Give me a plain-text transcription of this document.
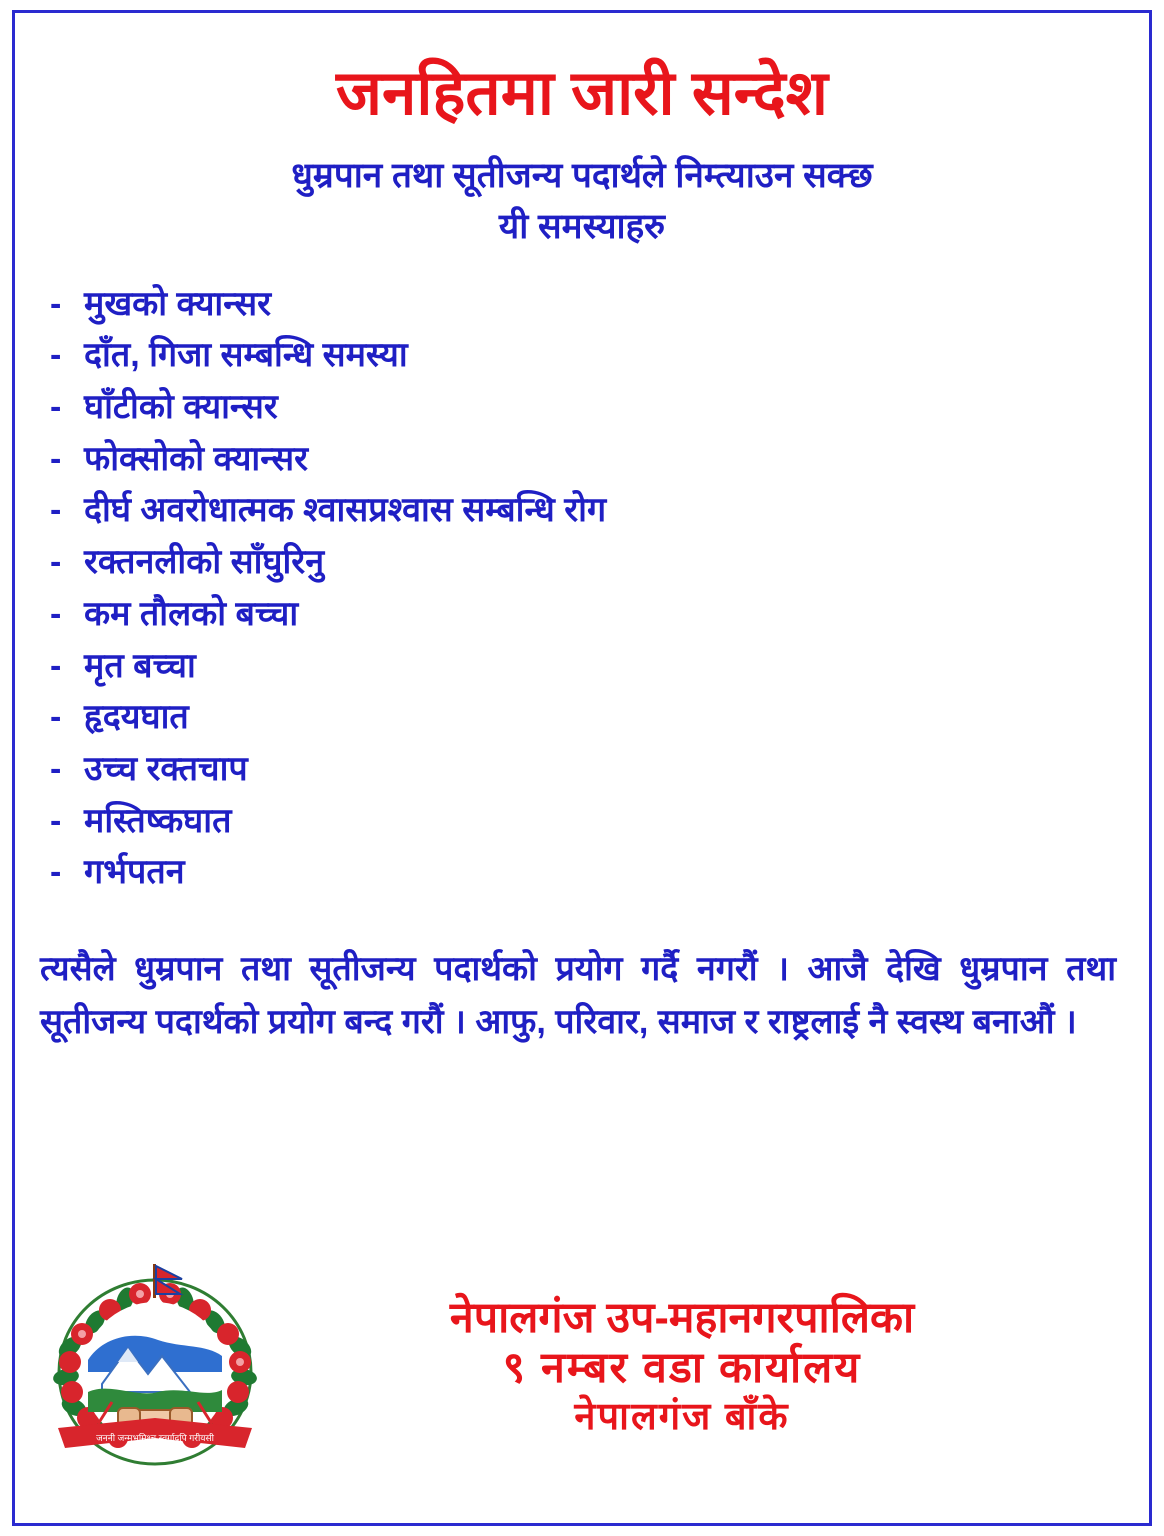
जनहितमा जारी सन्देश
धुम्रपान तथा सूतीजन्य पदार्थले निम्त्याउन सक्छ
यी समस्याहरु
- मुखको क्यान्सर
- दाँत, गिजा सम्बन्धि समस्या
- घाँटीको क्यान्सर
- फोक्सोको क्यान्सर
- दीर्घ अवरोधात्मक श्वासप्रश्वास सम्बन्धि रोग
- रक्तनलीको साँघुरिनु
- कम तौलको बच्चा
- मृत बच्चा
- हृदयघात
- उच्च रक्तचाप
- मस्तिष्कघात
- गर्भपतन
त्यसैले धुम्रपान तथा सूतीजन्य पदार्थको प्रयोग गर्दै नगरौं । आजै देखि धुम्रपान तथा सूतीजन्य पदार्थको प्रयोग बन्द गरौं । आफु, परिवार, समाज र राष्ट्रलाई नै स्वस्थ बनाऔं ।
जननी जन्मभूमिश्च स्वर्गादपि गरीयसी
नेपालगंज उप-महानगरपालिका
९ नम्बर वडा कार्यालय
नेपालगंज बाँके
